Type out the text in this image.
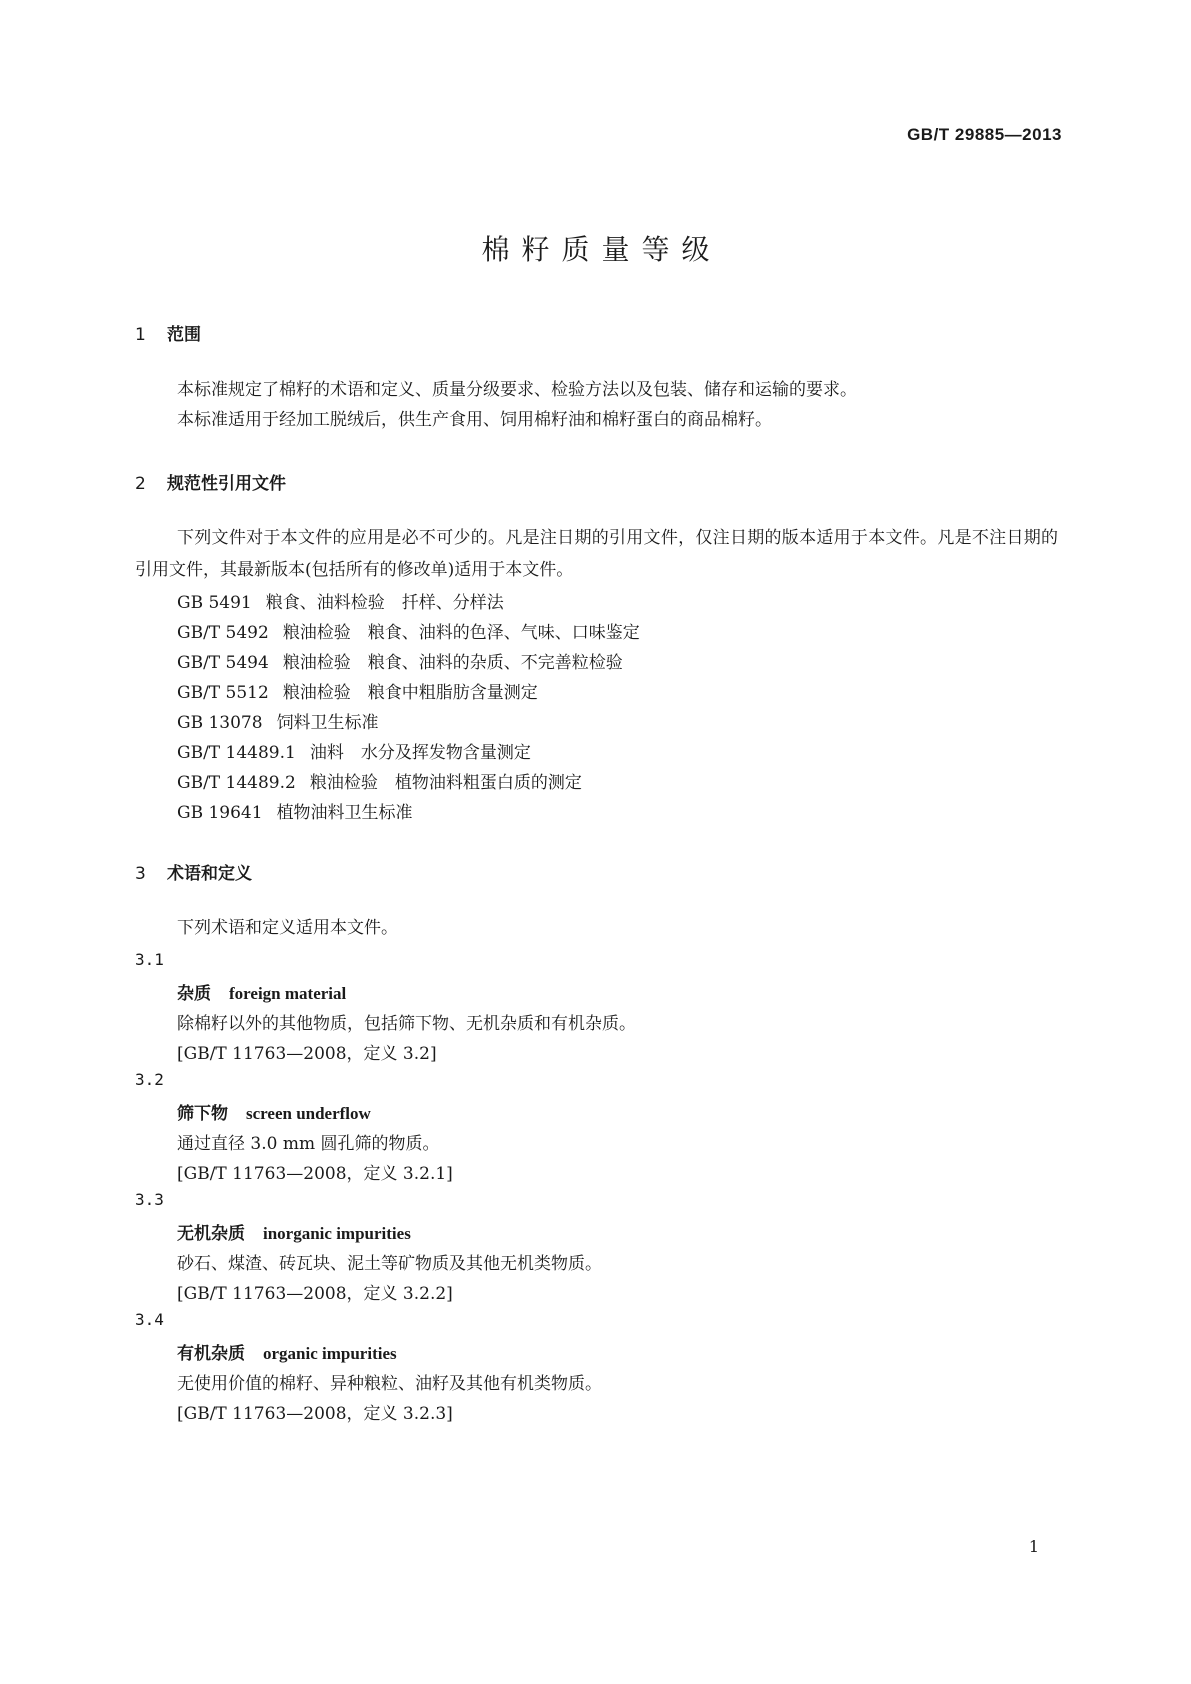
GB/T 29885—2013
棉籽质量等级
1 范围
本标准规定了棉籽的术语和定义、质量分级要求、检验方法以及包装、储存和运输的要求。
本标准适用于经加工脱绒后，供生产食用、饲用棉籽油和棉籽蛋白的商品棉籽。
2 规范性引用文件
下列文件对于本文件的应用是必不可少的。凡是注日期的引用文件，仅注日期的版本适用于本文件。凡是不注日期的引用文件，其最新版本(包括所有的修改单)适用于本文件。
GB 5491 粮食、油料检验　扦样、分样法
GB/T 5492 粮油检验　粮食、油料的色泽、气味、口味鉴定
GB/T 5494 粮油检验　粮食、油料的杂质、不完善粒检验
GB/T 5512 粮油检验　粮食中粗脂肪含量测定
GB 13078 饲料卫生标准
GB/T 14489.1 油料　水分及挥发物含量测定
GB/T 14489.2 粮油检验　植物油料粗蛋白质的测定
GB 19641 植物油料卫生标准
3 术语和定义
下列术语和定义适用本文件。
3.1
杂质 foreign material
除棉籽以外的其他物质，包括筛下物、无机杂质和有机杂质。
[GB/T 11763—2008，定义 3.2]
3.2
筛下物 screen underflow
通过直径 3.0 mm 圆孔筛的物质。
[GB/T 11763—2008，定义 3.2.1]
3.3
无机杂质 inorganic impurities
砂石、煤渣、砖瓦块、泥土等矿物质及其他无机类物质。
[GB/T 11763—2008，定义 3.2.2]
3.4
有机杂质 organic impurities
无使用价值的棉籽、异种粮粒、油籽及其他有机类物质。
[GB/T 11763—2008，定义 3.2.3]
1
